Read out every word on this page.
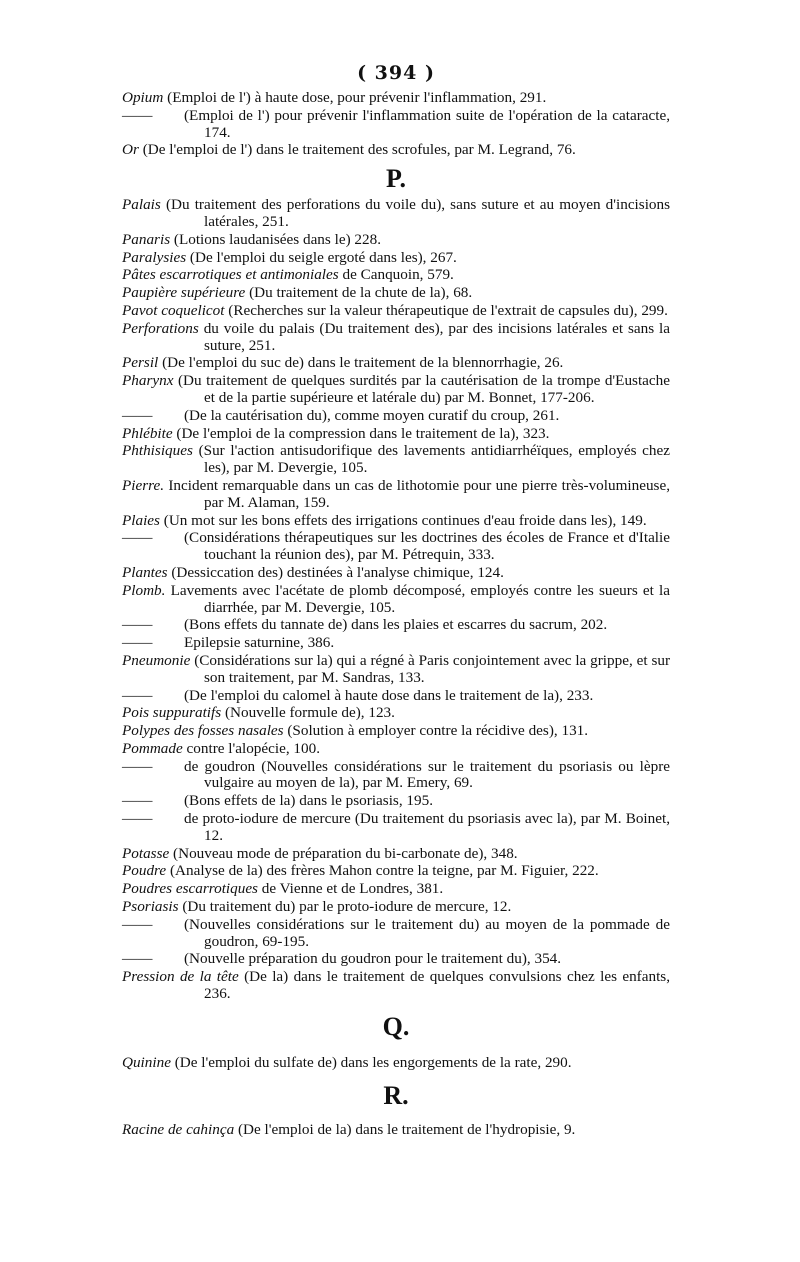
( 394 )
Opium (Emploi de l') à haute dose, pour prévenir l'inflammation, 291.
—— (Emploi de l') pour prévenir l'inflammation suite de l'opération de la cataracte, 174.
Or (De l'emploi de l') dans le traitement des scrofules, par M. Legrand, 76.
P.
Palais (Du traitement des perforations du voile du), sans suture et au moyen d'incisions latérales, 251.
Panaris (Lotions laudanisées dans le) 228.
Paralysies (De l'emploi du seigle ergoté dans les), 267.
Pâtes escarrotiques et antimoniales de Canquoin, 579.
Paupière supérieure (Du traitement de la chute de la), 68.
Pavot coquelicot (Recherches sur la valeur thérapeutique de l'extrait de capsules du), 299.
Perforations du voile du palais (Du traitement des), par des incisions latérales et sans la suture, 251.
Persil (De l'emploi du suc de) dans le traitement de la blennorrhagie, 26.
Pharynx (Du traitement de quelques surdités par la cautérisation de la trompe d'Eustache et de la partie supérieure et latérale du) par M. Bonnet, 177-206.
—— (De la cautérisation du), comme moyen curatif du croup, 261.
Phlébite (De l'emploi de la compression dans le traitement de la), 323.
Phthisiques (Sur l'action antisudorifique des lavements antidiarrhéïques, employés chez les), par M. Devergie, 105.
Pierre. Incident remarquable dans un cas de lithotomie pour une pierre très-volumineuse, par M. Alaman, 159.
Plaies (Un mot sur les bons effets des irrigations continues d'eau froide dans les), 149.
—— (Considérations thérapeutiques sur les doctrines des écoles de France et d'Italie touchant la réunion des), par M. Pétrequin, 333.
Plantes (Dessiccation des) destinées à l'analyse chimique, 124.
Plomb. Lavements avec l'acétate de plomb décomposé, employés contre les sueurs et la diarrhée, par M. Devergie, 105.
—— (Bons effets du tannate de) dans les plaies et escarres du sacrum, 202.
—— Epilepsie saturnine, 386.
Pneumonie (Considérations sur la) qui a régné à Paris conjointement avec la grippe, et sur son traitement, par M. Sandras, 133.
—— (De l'emploi du calomel à haute dose dans le traitement de la), 233.
Pois suppuratifs (Nouvelle formule de), 123.
Polypes des fosses nasales (Solution à employer contre la récidive des), 131.
Pommade contre l'alopécie, 100.
—— de goudron (Nouvelles considérations sur le traitement du psoriasis ou lèpre vulgaire au moyen de la), par M. Emery, 69.
—— (Bons effets de la) dans le psoriasis, 195.
—— de proto-iodure de mercure (Du traitement du psoriasis avec la), par M. Boinet, 12.
Potasse (Nouveau mode de préparation du bi-carbonate de), 348.
Poudre (Analyse de la) des frères Mahon contre la teigne, par M. Figuier, 222.
Poudres escarrotiques de Vienne et de Londres, 381.
Psoriasis (Du traitement du) par le proto-iodure de mercure, 12.
—— (Nouvelles considérations sur le traitement du) au moyen de la pommade de goudron, 69-195.
—— (Nouvelle préparation du goudron pour le traitement du), 354.
Pression de la tête (De la) dans le traitement de quelques convulsions chez les enfants, 236.
Q.
Quinine (De l'emploi du sulfate de) dans les engorgements de la rate, 290.
R.
Racine de cahinça (De l'emploi de la) dans le traitement de l'hydropisie, 9.
